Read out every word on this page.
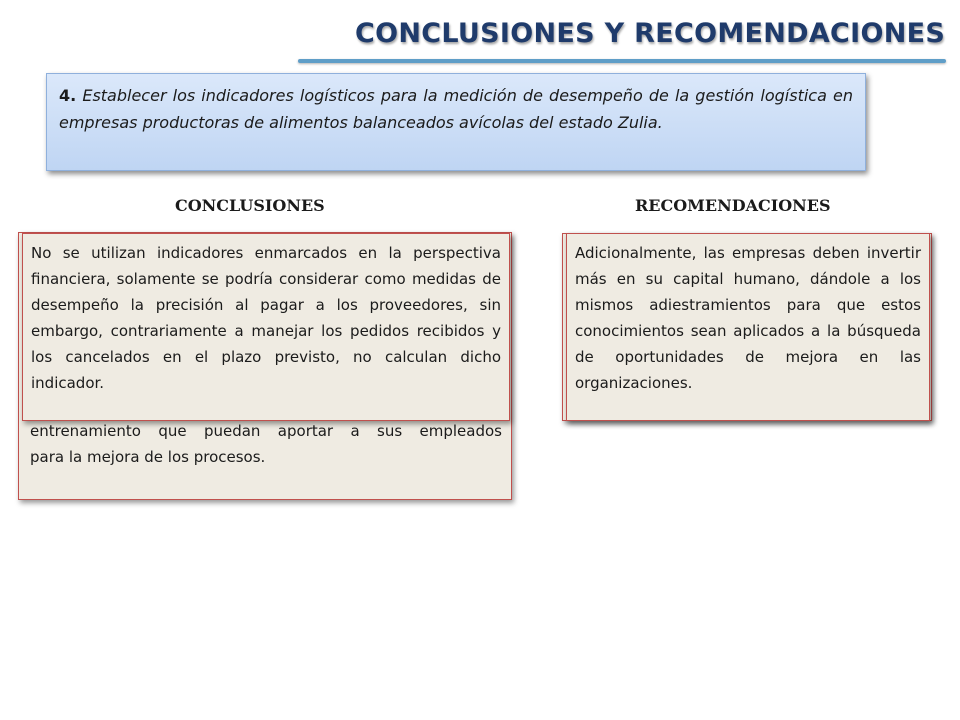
CONCLUSIONES Y RECOMENDACIONES
4. Establecer los indicadores logísticos para la medición de desempeño de la gestión logística en empresas productoras de alimentos balanceados avícolas del estado Zulia.
CONCLUSIONES	RECOMENDACIONES
entrenamiento que puedan aportar a sus empleados
para la mejora de los procesos.

No se utilizan indicadores enmarcados en la perspectiva financiera, solamente se podría considerar como medidas de desempeño la precisión al pagar a los proveedores, sin embargo, contrariamente a manejar los pedidos recibidos y los cancelados en el plazo previsto, no calculan dicho indicador.

Adicionalmente, las empresas deben invertir más en su capital humano, dándole a los mismos adiestramientos para que estos conocimientos sean aplicados a la búsqueda de oportunidades de mejora en las organizaciones.
